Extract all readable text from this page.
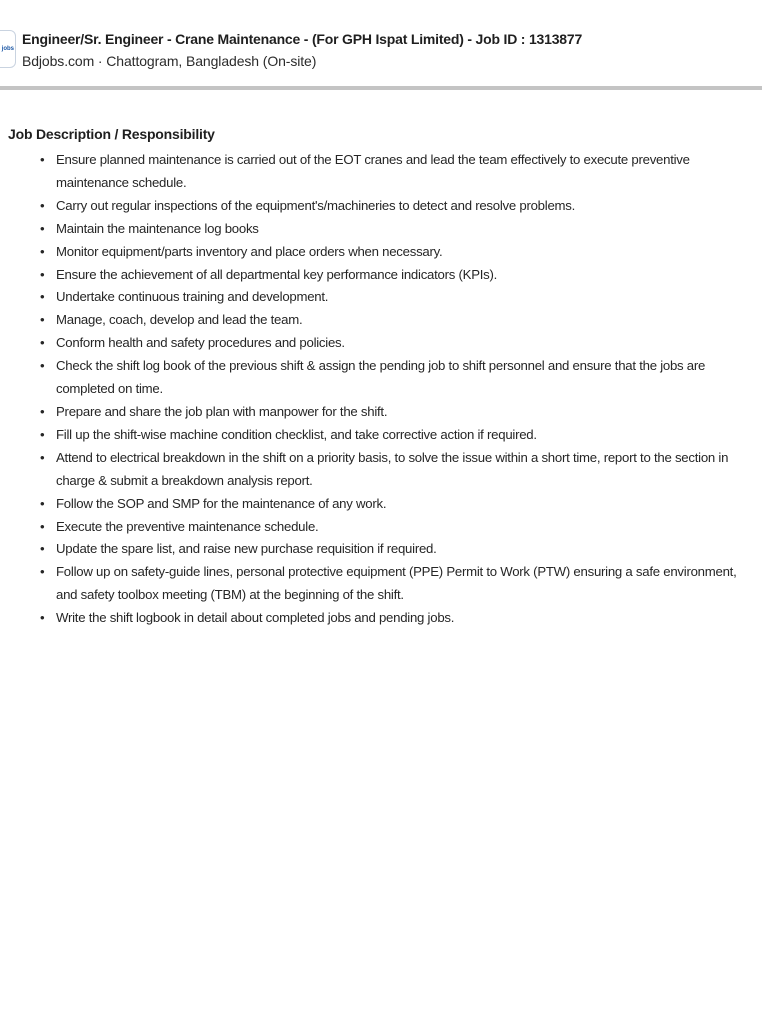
jobs
Engineer/Sr. Engineer - Crane Maintenance - (For GPH Ispat Limited) - Job ID : 1313877
Bdjobs.com · Chattogram, Bangladesh (On-site)
Job Description / Responsibility
• Ensure planned maintenance is carried out of the EOT cranes and lead the team effectively to execute preventive maintenance schedule.
• Carry out regular inspections of the equipment's/machineries to detect and resolve problems.
• Maintain the maintenance log books
• Monitor equipment/parts inventory and place orders when necessary.
• Ensure the achievement of all departmental key performance indicators (KPIs).
• Undertake continuous training and development.
• Manage, coach, develop and lead the team.
• Conform health and safety procedures and policies.
• Check the shift log book of the previous shift & assign the pending job to shift personnel and ensure that the jobs are completed on time.
• Prepare and share the job plan with manpower for the shift.
• Fill up the shift-wise machine condition checklist, and take corrective action if required.
• Attend to electrical breakdown in the shift on a priority basis, to solve the issue within a short time, report to the section in charge & submit a breakdown analysis report.
• Follow the SOP and SMP for the maintenance of any work.
• Execute the preventive maintenance schedule.
• Update the spare list, and raise new purchase requisition if required.
• Follow up on safety-guide lines, personal protective equipment (PPE) Permit to Work (PTW) ensuring a safe environment, and safety toolbox meeting (TBM) at the beginning of the shift.
• Write the shift logbook in detail about completed jobs and pending jobs.
